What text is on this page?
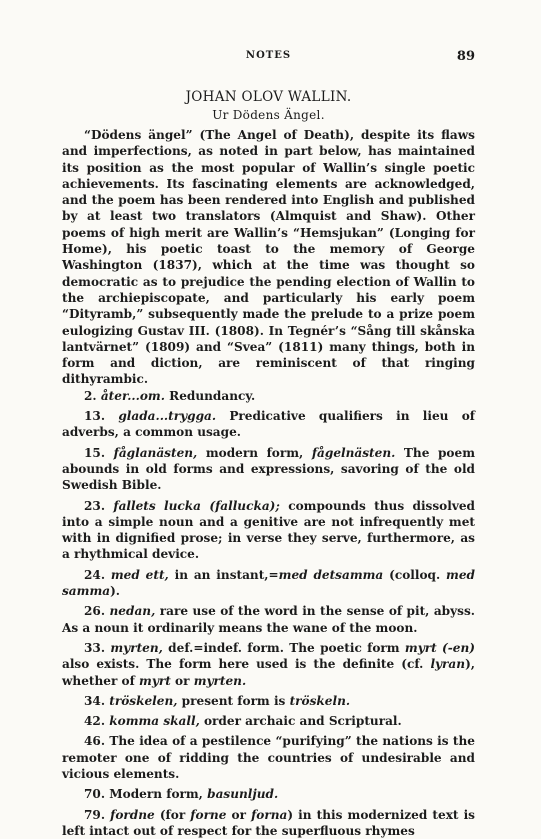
NOTES	89

JOHAN OLOV WALLIN.

Ur Dödens Ängel.

“Dödens ängel” (The Angel of Death), despite its flaws and imperfections, as noted in part below, has maintained its position as the most popular of Wallin’s single poetic achievements. Its fascinating elements are acknowledged, and the poem has been rendered into English and published by at least two translators (Almquist and Shaw). Other poems of high merit are Wallin’s “Hemsjukan” (Longing for Home), his poetic toast to the memory of George Washington (1837), which at the time was thought so democratic as to prejudice the pending election of Wallin to the archiepiscopate, and particularly his early poem “Dityramb,” subsequently made the prelude to a prize poem eulogizing Gustav III. (1808). In Tegnér’s “Sång till skånska lantvärnet” (1809) and “Svea” (1811) many things, both in form and diction, are reminiscent of that ringing dithyrambic.

2. åter...om. Redundancy.

13. glada...trygga. Predicative qualifiers in lieu of adverbs, a common usage.

15. fåglanästen, modern form, fågelnästen. The poem abounds in old forms and expressions, savoring of the old Swedish Bible.

23. fallets lucka (fallucka); compounds thus dissolved into a simple noun and a genitive are not infrequently met with in dignified prose; in verse they serve, furthermore, as a rhythmical device.

24. med ett, in an instant,=med detsamma (colloq. med samma).

26. nedan, rare use of the word in the sense of pit, abyss. As a noun it ordinarily means the wane of the moon.

33. myrten, def.=indef. form. The poetic form myrt (-en) also exists. The form here used is the definite (cf. lyran), whether of myrt or myrten.

34. tröskelen, present form is tröskeln.

42. komma skall, order archaic and Scriptural.

46. The idea of a pestilence “purifying” the nations is the remoter one of ridding the countries of undesirable and vicious elements.

70. Modern form, basunljud.

79. fordne (for forne or forna) in this modernized text is left intact out of respect for the superfluous rhymes
